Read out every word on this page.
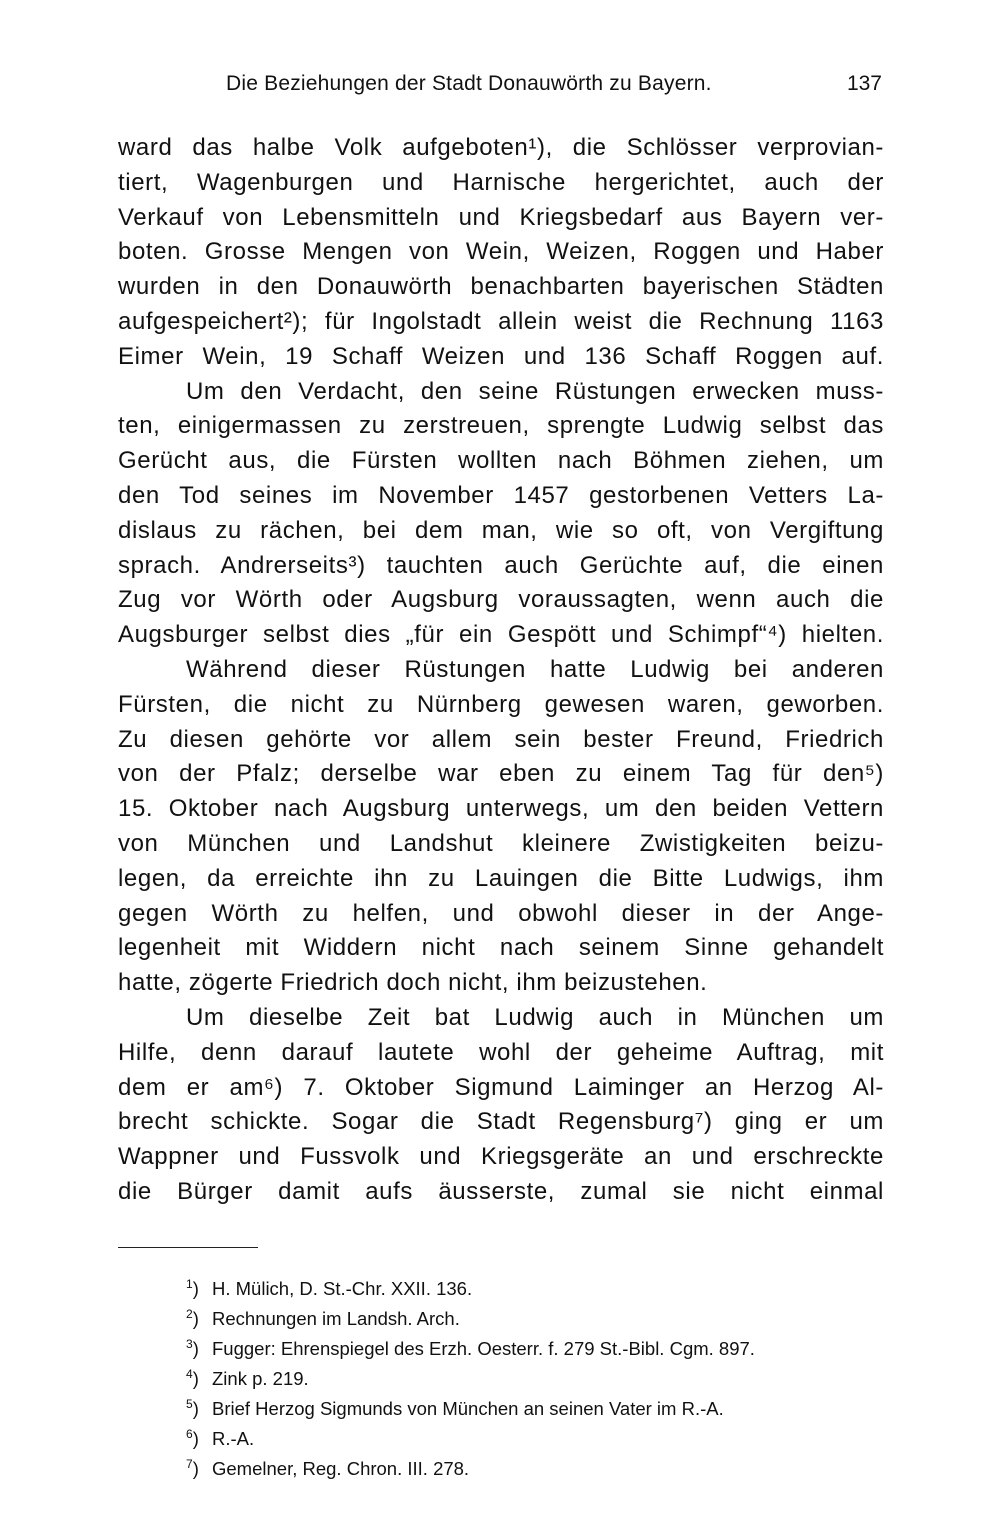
Die Beziehungen der Stadt Donauwörth zu Bayern.	137
ward das halbe Volk aufgeboten¹), die Schlösser verprovian-
tiert, Wagenburgen und Harnische hergerichtet, auch der
Verkauf von Lebensmitteln und Kriegsbedarf aus Bayern ver-
boten. Grosse Mengen von Wein, Weizen, Roggen und Haber
wurden in den Donauwörth benachbarten bayerischen Städten
aufgespeichert²); für Ingolstadt allein weist die Rechnung 1163
Eimer Wein, 19 Schaff Weizen und 136 Schaff Roggen auf.
Um den Verdacht, den seine Rüstungen erwecken muss-
ten, einigermassen zu zerstreuen, sprengte Ludwig selbst das
Gerücht aus, die Fürsten wollten nach Böhmen ziehen, um
den Tod seines im November 1457 gestorbenen Vetters La-
dislaus zu rächen, bei dem man, wie so oft, von Vergiftung
sprach. Andrerseits³) tauchten auch Gerüchte auf, die einen
Zug vor Wörth oder Augsburg voraussagten, wenn auch die
Augsburger selbst dies „für ein Gespött und Schimpf“⁴) hielten.
Während dieser Rüstungen hatte Ludwig bei anderen
Fürsten, die nicht zu Nürnberg gewesen waren, geworben.
Zu diesen gehörte vor allem sein bester Freund, Friedrich
von der Pfalz; derselbe war eben zu einem Tag für den⁵)
15. Oktober nach Augsburg unterwegs, um den beiden Vettern
von München und Landshut kleinere Zwistigkeiten beizu-
legen, da erreichte ihn zu Lauingen die Bitte Ludwigs, ihm
gegen Wörth zu helfen, und obwohl dieser in der Ange-
legenheit mit Widdern nicht nach seinem Sinne gehandelt
hatte, zögerte Friedrich doch nicht, ihm beizustehen.
Um dieselbe Zeit bat Ludwig auch in München um
Hilfe, denn darauf lautete wohl der geheime Auftrag, mit
dem er am⁶) 7. Oktober Sigmund Laiminger an Herzog Al-
brecht schickte. Sogar die Stadt Regensburg⁷) ging er um
Wappner und Fussvolk und Kriegsgeräte an und erschreckte
die Bürger damit aufs äusserste, zumal sie nicht einmal
$^1$) H. Mülich, D. St.-Chr. XXII. 136.
$^2$) Rechnungen im Landsh. Arch.
$^3$) Fugger: Ehrenspiegel des Erzh. Oesterr. f. 279 St.-Bibl. Cgm. 897.
$^4$) Zink p. 219.
$^5$) Brief Herzog Sigmunds von München an seinen Vater im R.-A.
$^6$) R.-A.
$^7$) Gemelner, Reg. Chron. III. 278.
